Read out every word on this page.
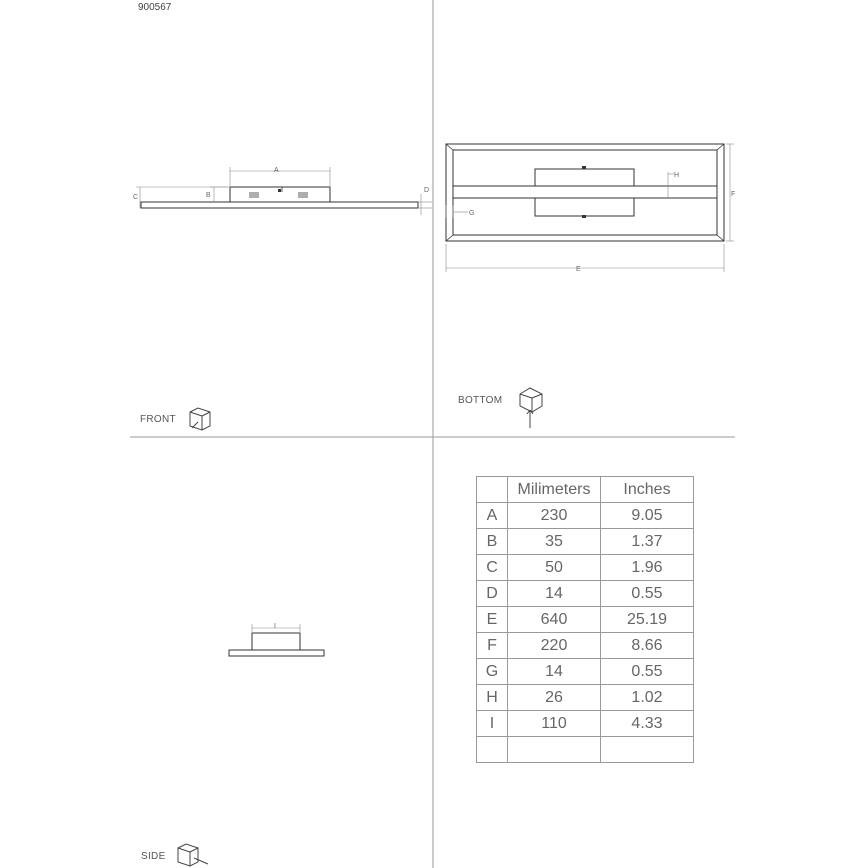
900567
A
B
C
D
E
F
G
H
I
FRONT
BOTTOM
SIDE
	Milimeters	Inches
A	230	9.05
B	35	1.37
C	50	1.96
D	14	0.55
E	640	25.19
F	220	8.66
G	14	0.55
H	26	1.02
I	110	4.33
